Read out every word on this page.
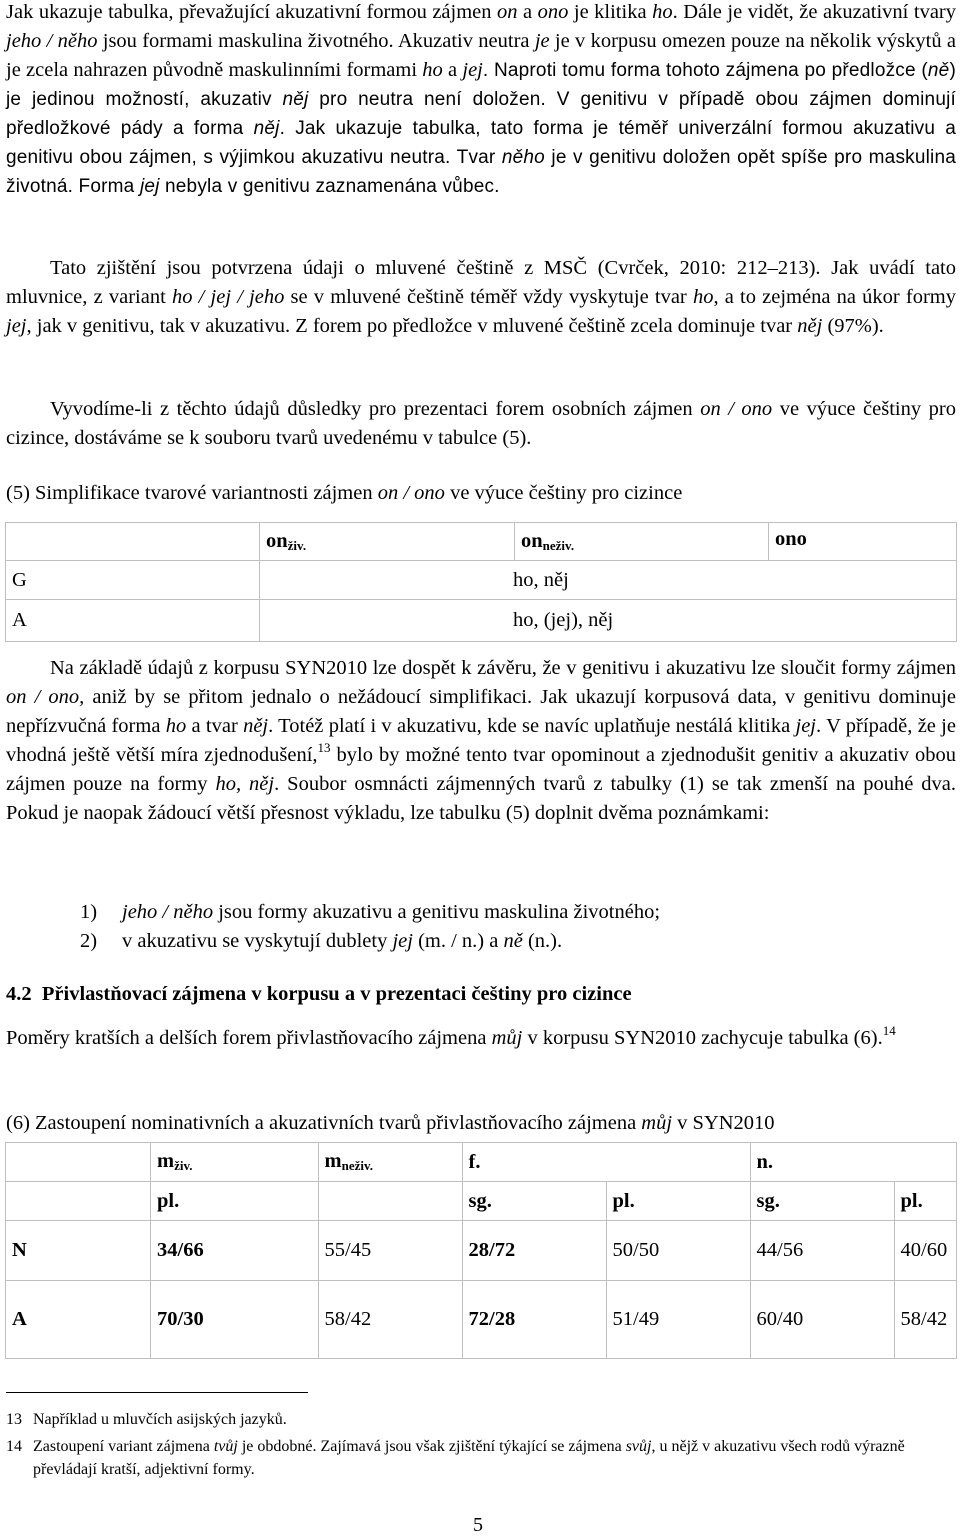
Jak ukazuje tabulka, převažující akuzativní formou zájmen on a ono je klitika ho. Dále je vidět, že akuzativní tvary jeho / něho jsou formami maskulina životného. Akuzativ neutra je je v korpusu omezen pouze na několik výskytů a je zcela nahrazen původně maskulinními formami ho a jej. Naproti tomu forma tohoto zájmena po předložce (ně) je jedinou možností, akuzativ něj pro neutra není doložen. V genitivu v případě obou zájmen dominují předložkové pády a forma něj. Jak ukazuje tabulka, tato forma je téměř univerzální formou akuzativu a genitivu obou zájmen, s výjimkou akuzativu neutra. Tvar něho je v genitivu doložen opět spíše pro maskulina životná. Forma jej nebyla v genitivu zaznamenána vůbec.

Tato zjištění jsou potvrzena údaji o mluvené češtině z MSČ (Cvrček, 2010: 212–213). Jak uvádí tato mluvnice, z variant ho / jej / jeho se v mluvené češtině téměř vždy vyskytuje tvar ho, a to zejména na úkor formy jej, jak v genitivu, tak v akuzativu. Z forem po předložce v mluvené češtině zcela dominuje tvar něj (97%).

Vyvodíme-li z těchto údajů důsledky pro prezentaci forem osobních zájmen on / ono ve výuce češtiny pro cizince, dostáváme se k souboru tvarů uvedenému v tabulce (5).

(5) Simplifikace tvarové variantnosti zájmen on / ono ve výuce češtiny pro cizince

	$on_{živ.}$	$on_{neživ.}$	ono
G	ho, něj		
A	ho, (jej), něj		

Na základě údajů z korpusu SYN2010 lze dospět k závěru, že v genitivu i akuzativu lze sloučit formy zájmen on / ono, aniž by se přitom jednalo o nežádoucí simplifikaci. Jak ukazují korpusová data, v genitivu dominuje nepřízvučná forma ho a tvar něj. Totéž platí i v akuzativu, kde se navíc uplatňuje nestálá klitika jej. V případě, že je vhodná ještě větší míra zjednodušení,$^{13}$ bylo by možné tento tvar opominout a zjednodušit genitiv a akuzativ obou zájmen pouze na formy ho, něj. Soubor osmnácti zájmenných tvarů z tabulky (1) se tak zmenší na pouhé dva. Pokud je naopak žádoucí větší přesnost výkladu, lze tabulku (5) doplnit dvěma poznámkami:

1) jeho / něho jsou formy akuzativu a genitivu maskulina životného;
2) v akuzativu se vyskytují dublety jej (m. / n.) a ně (n.).
4.2 Přivlastňovací zájmena v korpusu a v prezentaci češtiny pro cizince

Poměry kratších a delších forem přivlastňovacího zájmena můj v korpusu SYN2010 zachycuje tabulka (6).$^{14}$

(6) Zastoupení nominativních a akuzativních tvarů přivlastňovacího zájmena můj v SYN2010

	$m_{živ.}$	$m_{neživ.}$	f.		n.	
	pl.		sg.	pl.	sg.	pl.
N	34/66	55/45	28/72	50/50	44/56	40/60
A	70/30	58/42	72/28	51/49	60/40	58/42
13 Například u mluvčích asijských jazyků.
14 Zastoupení variant zájmena tvůj je obdobné. Zajímavá jsou však zjištění týkající se zájmena svůj, u nějž v akuzativu všech rodů výrazně převládají kratší, adjektivní formy.
5
